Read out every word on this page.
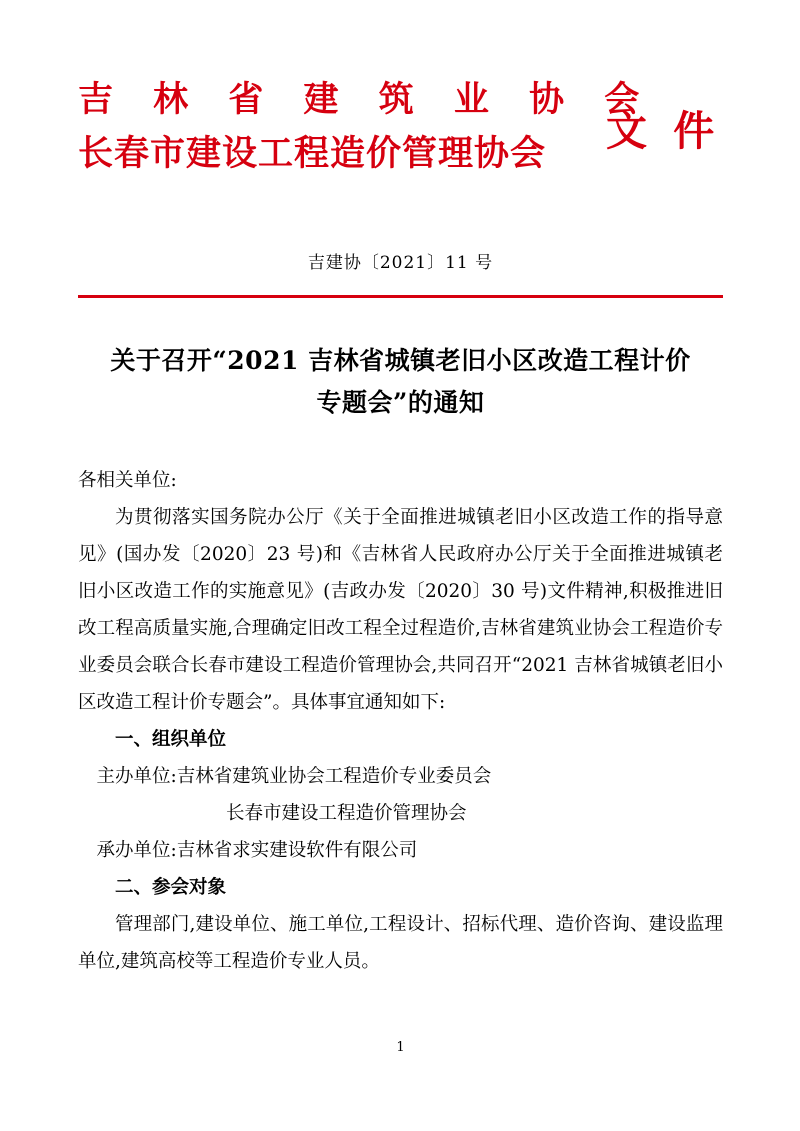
吉 林 省 建 筑 业 协 会
长春市建设工程造价管理协会	文 件
吉建协〔2021〕11 号
关于召开“2021 吉林省城镇老旧小区改造工程计价专题会”的通知

各相关单位:

为贯彻落实国务院办公厅《关于全面推进城镇老旧小区改造工作的指导意见》(国办发〔2020〕23 号)和《吉林省人民政府办公厅关于全面推进城镇老旧小区改造工作的实施意见》(吉政办发〔2020〕30 号)文件精神,积极推进旧改工程高质量实施,合理确定旧改工程全过程造价,吉林省建筑业协会工程造价专业委员会联合长春市建设工程造价管理协会,共同召开“2021 吉林省城镇老旧小区改造工程计价专题会”。具体事宜通知如下:

一、组织单位

主办单位:吉林省建筑业协会工程造价专业委员会

长春市建设工程造价管理协会

承办单位:吉林省求实建设软件有限公司

二、参会对象

管理部门,建设单位、施工单位,工程设计、招标代理、造价咨询、建设监理单位,建筑高校等工程造价专业人员。

1
